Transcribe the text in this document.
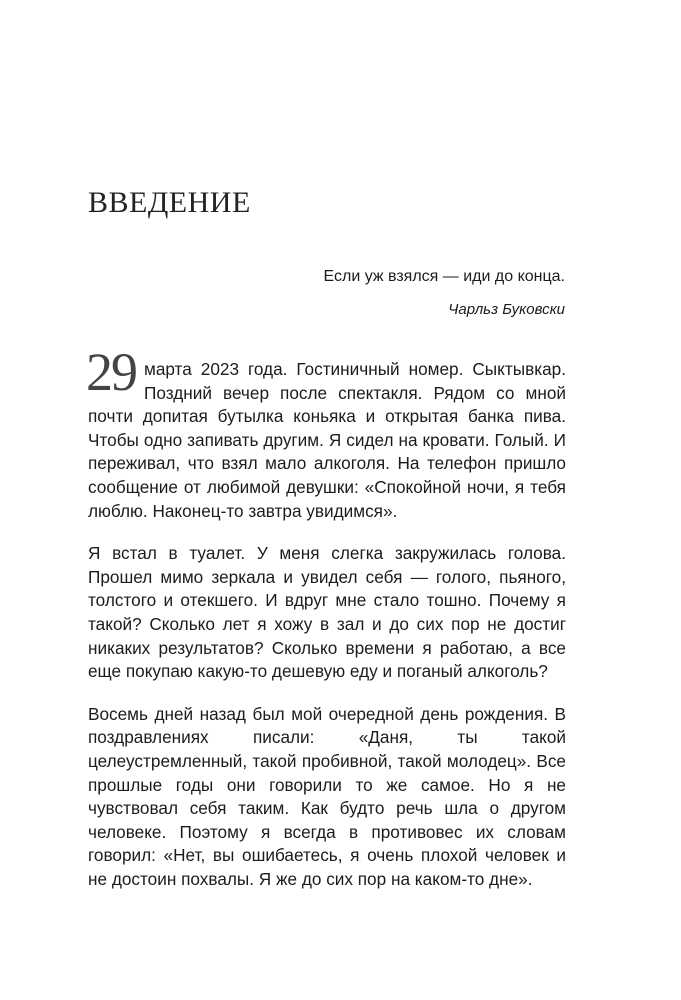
ВВЕДЕНИЕ

Если уж взялся — иди до конца.

Чарльз Буковски

29 марта 2023 года. Гостиничный номер. Сыктывкар. Поздний вечер после спектакля. Рядом со мной почти допитая бутылка коньяка и открытая банка пива. Чтобы одно запивать другим. Я сидел на кровати. Голый. И переживал, что взял мало алкоголя. На телефон пришло сообщение от любимой девушки: «Спокойной ночи, я тебя люблю. Наконец-то завтра увидимся».

Я встал в туалет. У меня слегка закружилась голова. Прошел мимо зеркала и увидел себя — голого, пьяного, толстого и отекшего. И вдруг мне стало тошно. Почему я такой? Сколько лет я хожу в зал и до сих пор не достиг никаких результатов? Сколько времени я работаю, а все еще покупаю какую-то дешевую еду и поганый алкоголь?

Восемь дней назад был мой очередной день рождения. В поздравлениях писали: «Даня, ты такой целеустремленный, такой пробивной, такой молодец». Все прошлые годы они говорили то же самое. Но я не чувствовал себя таким. Как будто речь шла о другом человеке. Поэтому я всегда в противовес их словам говорил: «Нет, вы ошибаетесь, я очень плохой человек и не достоин похвалы. Я же до сих пор на каком-то дне».
